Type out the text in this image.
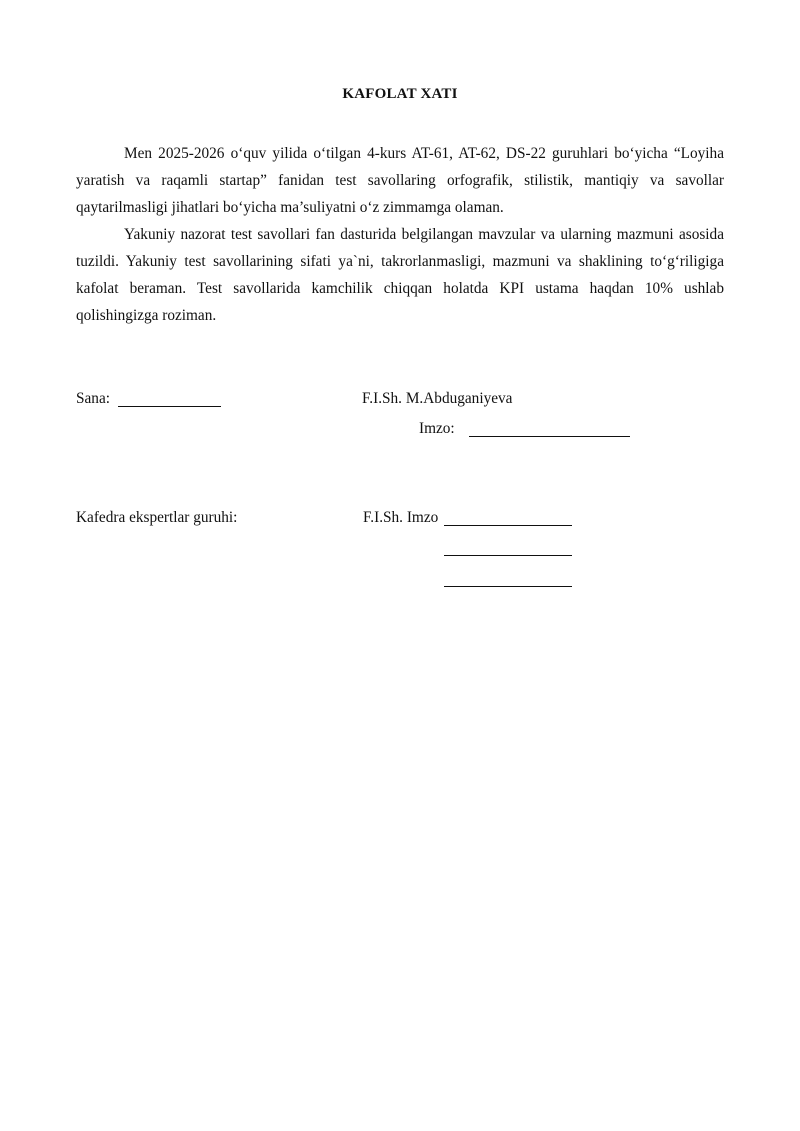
KAFOLAT XATI

Men 2025-2026 o‘quv yilida o‘tilgan 4-kurs AT-61, AT-62, DS-22 guruhlari bo‘yicha “Loyiha yaratish va raqamli startap” fanidan test savollaring orfografik, stilistik, mantiqiy va savollar qaytarilmasligi jihatlari bo‘yicha ma’suliyatni o‘z zimmamga olaman.

Yakuniy nazorat test savollari fan dasturida belgilangan mavzular va ularning mazmuni asosida tuzildi. Yakuniy test savollarining sifati ya`ni, takrorlanmasligi, mazmuni va shaklining to‘g‘riligiga kafolat beraman. Test savollarida kamchilik chiqqan holatda KPI ustama haqdan 10% ushlab qolishingizga roziman.

Sana:	F.I.Sh. M.Abduganiyeva
Imzo:
Kafedra ekspertlar guruhi:	F.I.Sh. Imzo
